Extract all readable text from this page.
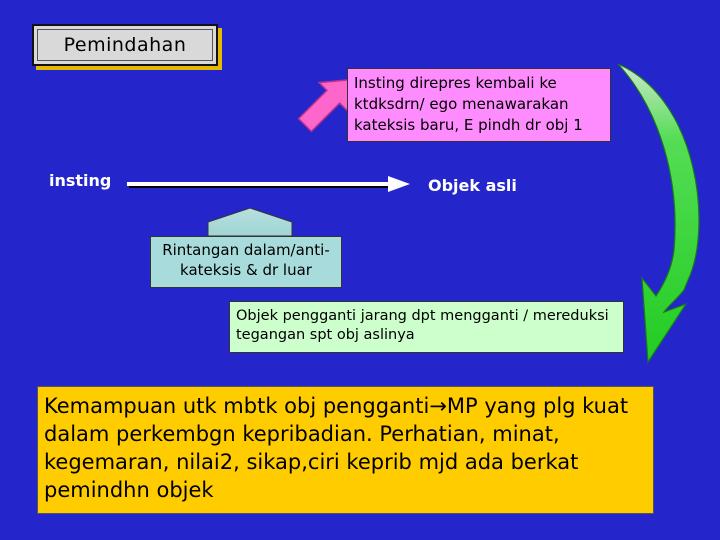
Pemindahan
Insting direpres kembali ke ktdksdrn/ ego menawarakan kateksis baru, E pindh dr obj 1
insting	Objek asli
Rintangan dalam/anti-kateksis & dr luar
Objek pengganti jarang dpt mengganti / mereduksi tegangan spt obj aslinya
Kemampuan utk mbtk obj pengganti→MP yang plg kuat dalam perkembgn kepribadian. Perhatian, minat, kegemaran, nilai2, sikap,ciri keprib mjd ada berkat pemindhn objek
